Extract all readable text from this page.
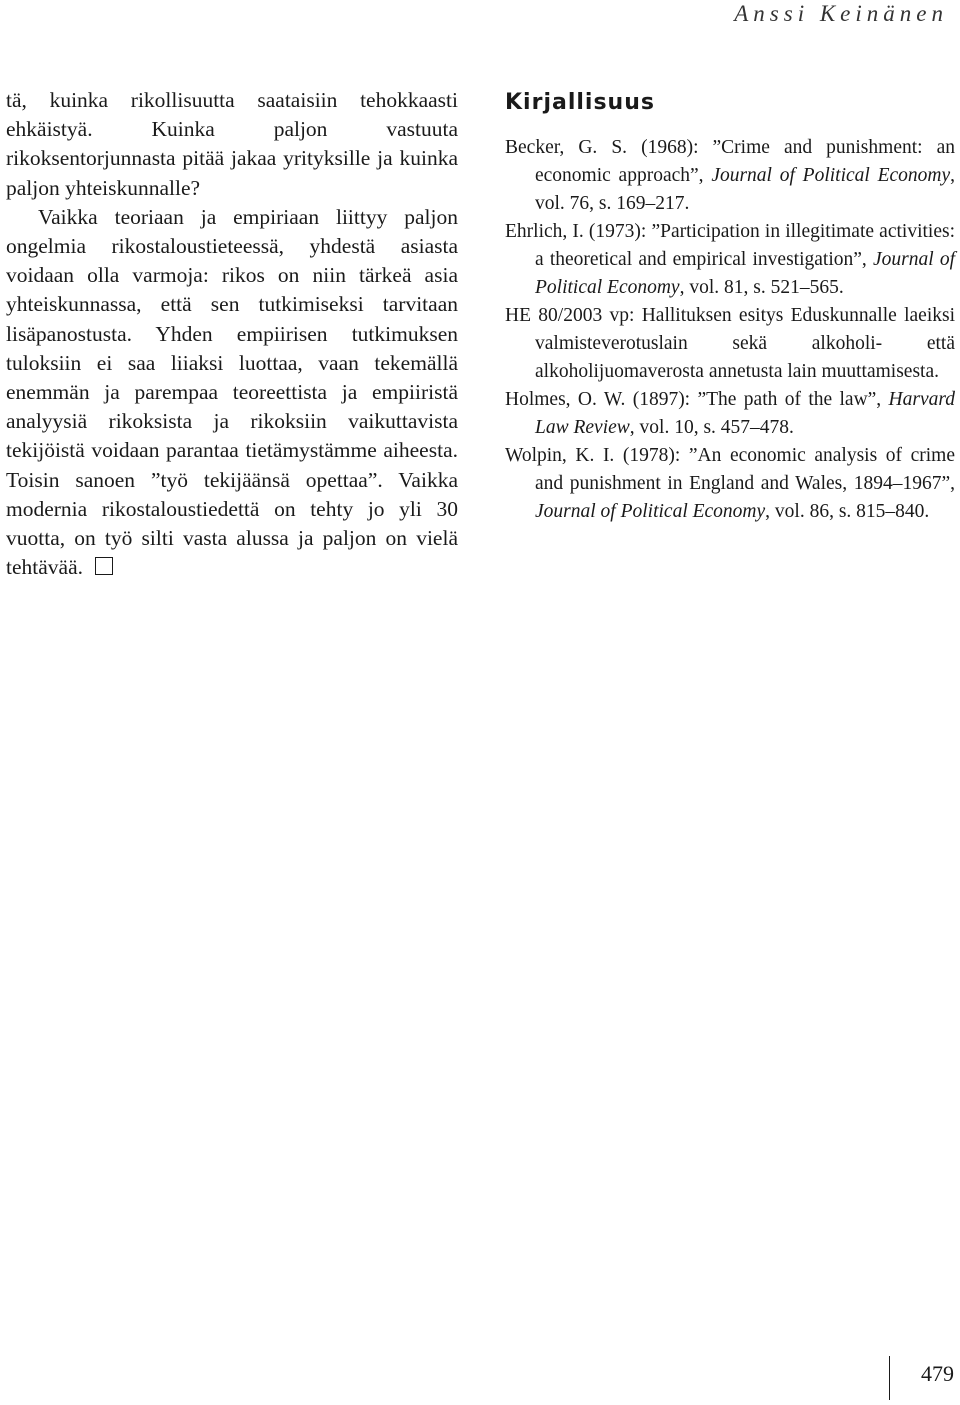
Anssi Keinänen

tä, kuinka rikollisuutta saataisiin tehokkaasti ehkäistyä. Kuinka paljon vastuuta rikoksentorjunnasta pitää jakaa yrityksille ja kuinka paljon yhteiskunnalle?

Vaikka teoriaan ja empiriaan liittyy paljon ongelmia rikostaloustieteessä, yhdestä asiasta voidaan olla varmoja: rikos on niin tärkeä asia yhteiskunnassa, että sen tutkimiseksi tarvitaan lisäpanostusta. Yhden empiirisen tutkimuksen tuloksiin ei saa liiaksi luottaa, vaan tekemällä enemmän ja parempaa teoreettista ja empiiristä analyysiä rikoksista ja rikoksiin vaikuttavista tekijöistä voidaan parantaa tietämystämme aiheesta. Toisin sanoen ”työ tekijäänsä opettaa”. Vaikka modernia rikostaloustiedettä on tehty jo yli 30 vuotta, on työ silti vasta alussa ja paljon on vielä tehtävää.

Kirjallisuus
Becker, G. S. (1968): ”Crime and punishment: an economic approach”, Journal of Political Economy, vol. 76, s. 169–217.
Ehrlich, I. (1973): ”Participation in illegitimate activities: a theoretical and empirical investigation”, Journal of Political Economy, vol. 81, s. 521–565.
HE 80/2003 vp: Hallituksen esitys Eduskunnalle laeiksi valmisteverotuslain sekä alkoholi- että alkoholijuomaverosta annetusta lain muuttamisesta.
Holmes, O. W. (1897): ”The path of the law”, Harvard Law Review, vol. 10, s. 457–478.
Wolpin, K. I. (1978): ”An economic analysis of crime and punishment in England and Wales, 1894–1967”, Journal of Political Economy, vol. 86, s. 815–840.
479
